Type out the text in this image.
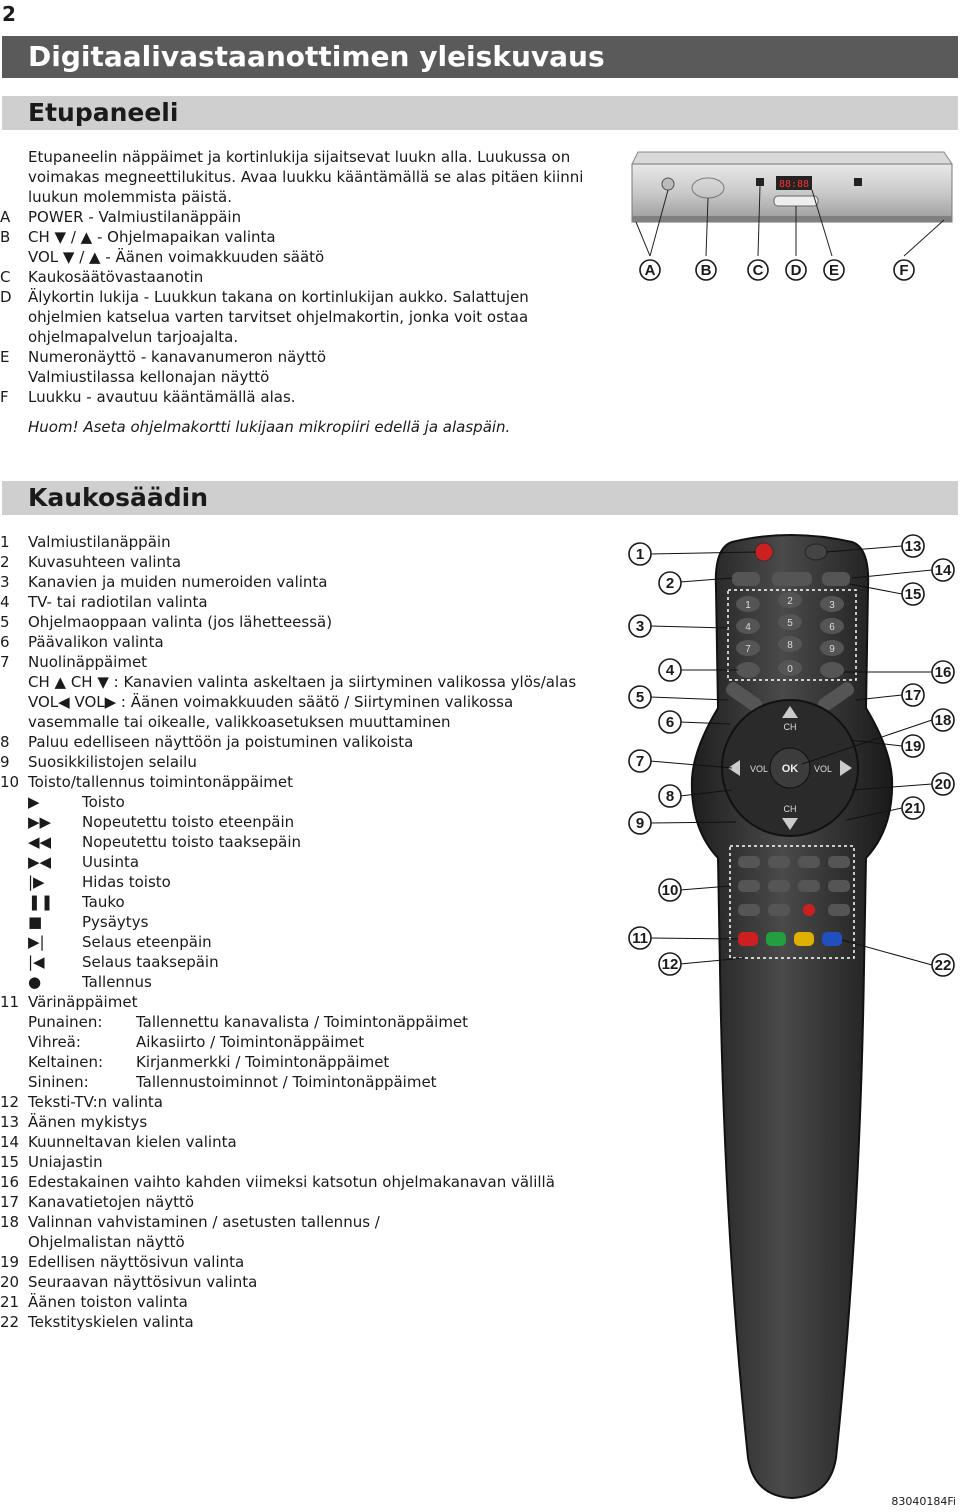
2
Digitaalivastaanottimen yleiskuvaus
Etupaneeli
Etupaneelin näppäimet ja kortinlukija sijaitsevat luukn alla. Luukussa on
voimakas megneettilukitus. Avaa luukku kääntämällä se alas pitäen kiinni
luukun molemmista päistä.
A	POWER - Valmiustilanäppäin
B	CH ▼ / ▲ - Ohjelmapaikan valinta
VOL ▼ / ▲ - Äänen voimakkuuden säätö
C	Kaukosäätövastaanotin
D	Älykortin lukija - Luukkun takana on kortinlukijan aukko. Salattujen
ohjelmien katselua varten tarvitset ohjelmakortin, jonka voit ostaa
ohjelmapalvelun tarjoajalta.
E	Numeronäyttö - kanavanumeron näyttö
Valmiustilassa kellonajan näyttö
F	Luukku - avautuu kääntämällä alas.
Huom! Aseta ohjelmakortti lukijaan mikropiiri edellä ja alaspäin.
88:88
A	B	C D E	F
Kaukosäädin
1	Valmiustilanäppäin
2	Kuvasuhteen valinta
3	Kanavien ja muiden numeroiden valinta
4	TV- tai radiotilan valinta
5	Ohjelmaoppaan valinta (jos lähetteessä)
6	Päävalikon valinta
7	Nuolinäppäimet
CH ▲ CH ▼ : Kanavien valinta askeltaen ja siirtyminen valikossa ylös/alas
VOL◀ VOL▶ : Äänen voimakkuuden säätö / Siirtyminen valikossa
vasemmalle tai oikealle, valikkoasetuksen muuttaminen
8	Paluu edelliseen näyttöön ja poistuminen valikoista
9	Suosikkilistojen selailu
10 Toisto/tallennus toimintonäppäimet
▶	Toisto
▶▶ Nopeutettu toisto eteenpäin
◀◀ Nopeutettu toisto taaksepäin
▶◀ Uusinta
|▶ Hidas toisto
❚❚ Tauko
■	Pysäytys
▶| Selaus eteenpäin
|◀ Selaus taaksepäin
●	Tallennus
11 Värinäppäimet
Punainen: Tallennettu kanavalista / Toimintonäppäimet
Vihreä:	Aikasiirto / Toimintonäppäimet
Keltainen: Kirjanmerkki / Toimintonäppäimet
Sininen:	Tallennustoiminnot / Toimintonäppäimet
12 Teksti-TV:n valinta
13 Äänen mykistys
14 Kuunneltavan kielen valinta
15 Uniajastin
16 Edestakainen vaihto kahden viimeksi katsotun ohjelmakanavan välillä
17 Kanavatietojen näyttö
18 Valinnan vahvistaminen / asetusten tallennus /
Ohjelmalistan näyttö
19 Edellisen näyttösivun valinta
20 Seuraavan näyttösivun valinta
21 Äänen toiston valinta
22 Tekstityskielen valinta
1	2	3
4	5	6
7	8	9
0
CH
CH
VOL	VOL
OK
1
2
3
4
5
6
7
8
9
10
11
12
13
14
15
16
17
18
19
20
21
22
83040184Fi
